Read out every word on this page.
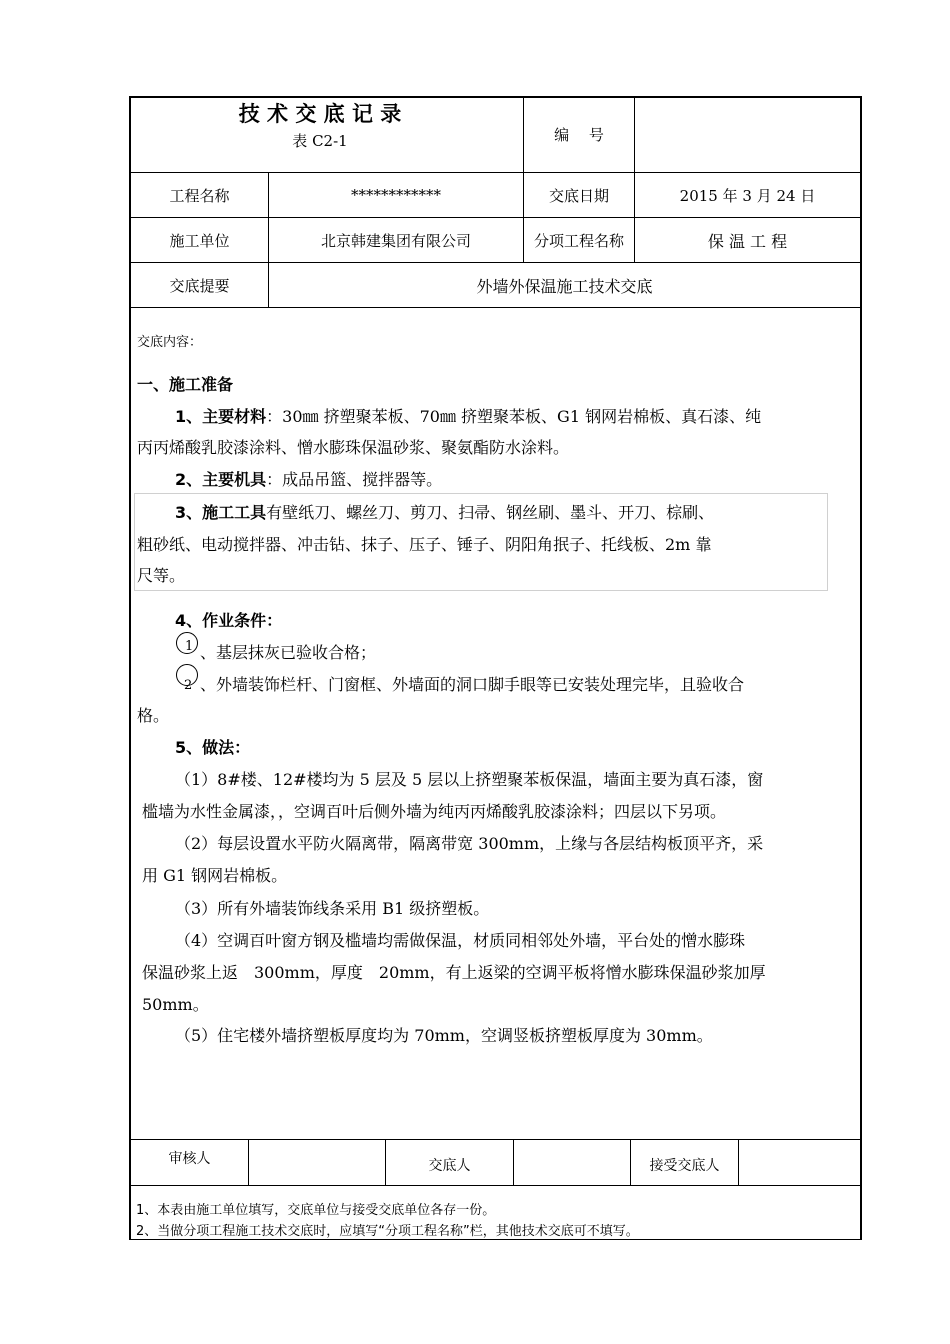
技 术 交 底 记 录
表 C2-1	编　 号
工程名称	************	交底日期	2015 年 3 月 24 日
施工单位	北京韩建集团有限公司	分项工程名称	保 温 工 程
交底提要	外墙外保温施工技术交底
交底内容：
一、施工准备
1、主要材料：30㎜ 挤塑聚苯板、70㎜ 挤塑聚苯板、G1 钢网岩棉板、真石漆、纯
丙丙烯酸乳胶漆涂料、憎水膨珠保温砂浆、聚氨酯防水涂料。
2、主要机具：成品吊篮、搅拌器等。
3、施工工具有壁纸刀、螺丝刀、剪刀、扫帚、钢丝刷、墨斗、开刀、棕刷、
粗砂纸、电动搅拌器、冲击钻、抹子、压子、锤子、阴阳角抿子、托线板、2m 靠
尺等。
4、作业条件：
1 、基层抹灰已验收合格；
2 、外墙装饰栏杆、门窗框、外墙面的洞口脚手眼等已安装处理完毕，且验收合
格。
5、做法：
（1）8#楼、12#楼均为 5 层及 5 层以上挤塑聚苯板保温，墙面主要为真石漆，窗
槛墙为水性金属漆，，空调百叶后侧外墙为纯丙丙烯酸乳胶漆涂料；四层以下另项。
（2）每层设置水平防火隔离带，隔离带宽 300mm，上缘与各层结构板顶平齐，采
用 G1 钢网岩棉板。
（3）所有外墙装饰线条采用 B1 级挤塑板。
（4）空调百叶窗方钢及槛墙均需做保温，材质同相邻处外墙，平台处的憎水膨珠
保温砂浆上返　300mm，厚度　20mm，有上返梁的空调平板将憎水膨珠保温砂浆加厚
50mm。
（5）住宅楼外墙挤塑板厚度均为 70mm，空调竖板挤塑板厚度为 30mm。
审核人	交底人	接受交底人
1、本表由施工单位填写，交底单位与接受交底单位各存一份。
2、当做分项工程施工技术交底时，应填写“分项工程名称”栏，其他技术交底可不填写。
